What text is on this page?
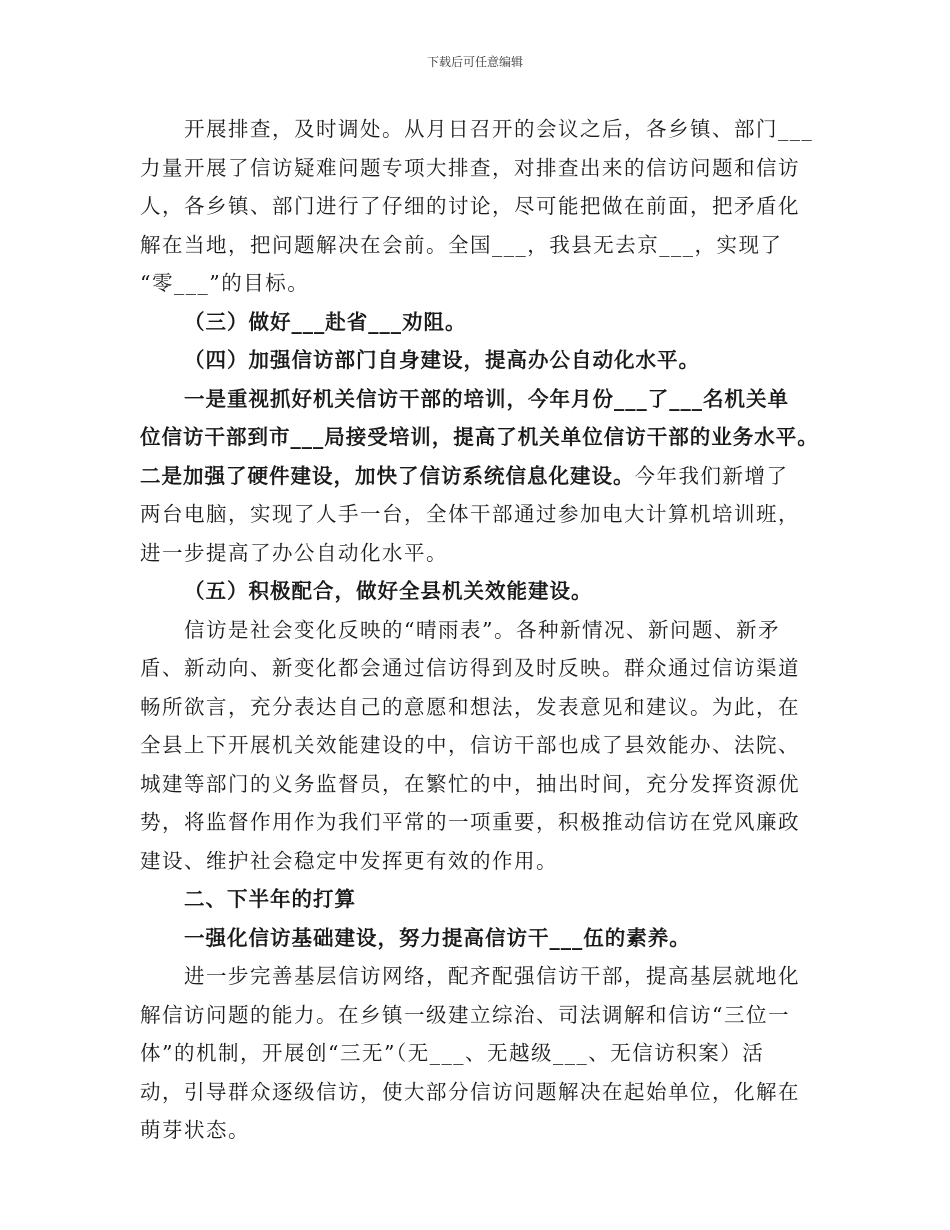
下载后可任意编辑
开展排查，及时调处。从月日召开的会议之后，各乡镇、部门___
力量开展了信访疑难问题专项大排查，对排查出来的信访问题和信访
人，各乡镇、部门进行了仔细的讨论，尽可能把做在前面，把矛盾化
解在当地，把问题解决在会前。全国___，我县无去京___，实现了
“零___”的目标。
（三）做好___赴省___劝阻。
（四）加强信访部门自身建设，提高办公自动化水平。
一是重视抓好机关信访干部的培训，今年月份___了___名机关单
位信访干部到市___局接受培训，提高了机关单位信访干部的业务水平。
二是加强了硬件建设，加快了信访系统信息化建设。今年我们新增了
两台电脑，实现了人手一台，全体干部通过参加电大计算机培训班，
进一步提高了办公自动化水平。
（五）积极配合，做好全县机关效能建设。
信访是社会变化反映的“晴雨表”。各种新情况、新问题、新矛
盾、新动向、新变化都会通过信访得到及时反映。群众通过信访渠道
畅所欲言，充分表达自己的意愿和想法，发表意见和建议。为此，在
全县上下开展机关效能建设的中，信访干部也成了县效能办、法院、
城建等部门的义务监督员，在繁忙的中，抽出时间，充分发挥资源优
势，将监督作用作为我们平常的一项重要，积极推动信访在党风廉政
建设、维护社会稳定中发挥更有效的作用。
二、下半年的打算
一强化信访基础建设，努力提高信访干___伍的素养。
进一步完善基层信访网络，配齐配强信访干部，提高基层就地化
解信访问题的能力。在乡镇一级建立综治、司法调解和信访“三位一
体”的机制，开展创“三无”（无___、无越级___、无信访积案）活
动，引导群众逐级信访，使大部分信访问题解决在起始单位，化解在
萌芽状态。
